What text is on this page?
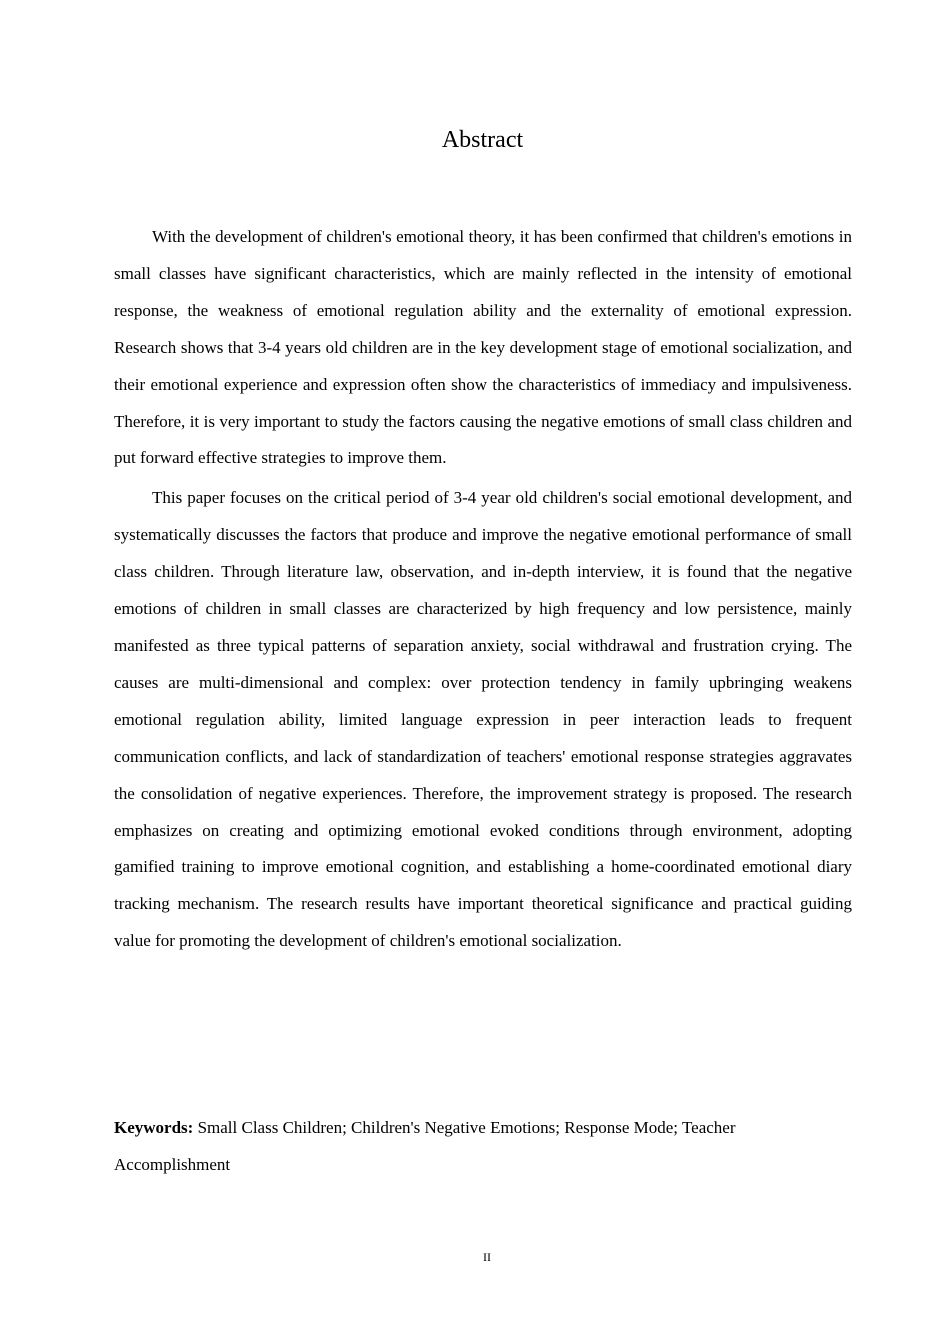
Abstract

With the development of children's emotional theory, it has been confirmed that children's emotions in small classes have significant characteristics, which are mainly reflected in the intensity of emotional response, the weakness of emotional regulation ability and the externality of emotional expression. Research shows that 3-4 years old children are in the key development stage of emotional socialization, and their emotional experience and expression often show the characteristics of immediacy and impulsiveness. Therefore, it is very important to study the factors causing the negative emotions of small class children and put forward effective strategies to improve them.

This paper focuses on the critical period of 3-4 year old children's social emotional development, and systematically discusses the factors that produce and improve the negative emotional performance of small class children. Through literature law, observation, and in-depth interview, it is found that the negative emotions of children in small classes are characterized by high frequency and low persistence, mainly manifested as three typical patterns of separation anxiety, social withdrawal and frustration crying. The causes are multi-dimensional and complex: over protection tendency in family upbringing weakens emotional regulation ability, limited language expression in peer interaction leads to frequent communication conflicts, and lack of standardization of teachers' emotional response strategies aggravates the consolidation of negative experiences. Therefore, the improvement strategy is proposed. The research emphasizes on creating and optimizing emotional evoked conditions through environment, adopting gamified training to improve emotional cognition, and establishing a home-coordinated emotional diary tracking mechanism. The research results have important theoretical significance and practical guiding value for promoting the development of children's emotional socialization.

Keywords: Small Class Children; Children's Negative Emotions; Response Mode; Teacher Accomplishment

II
